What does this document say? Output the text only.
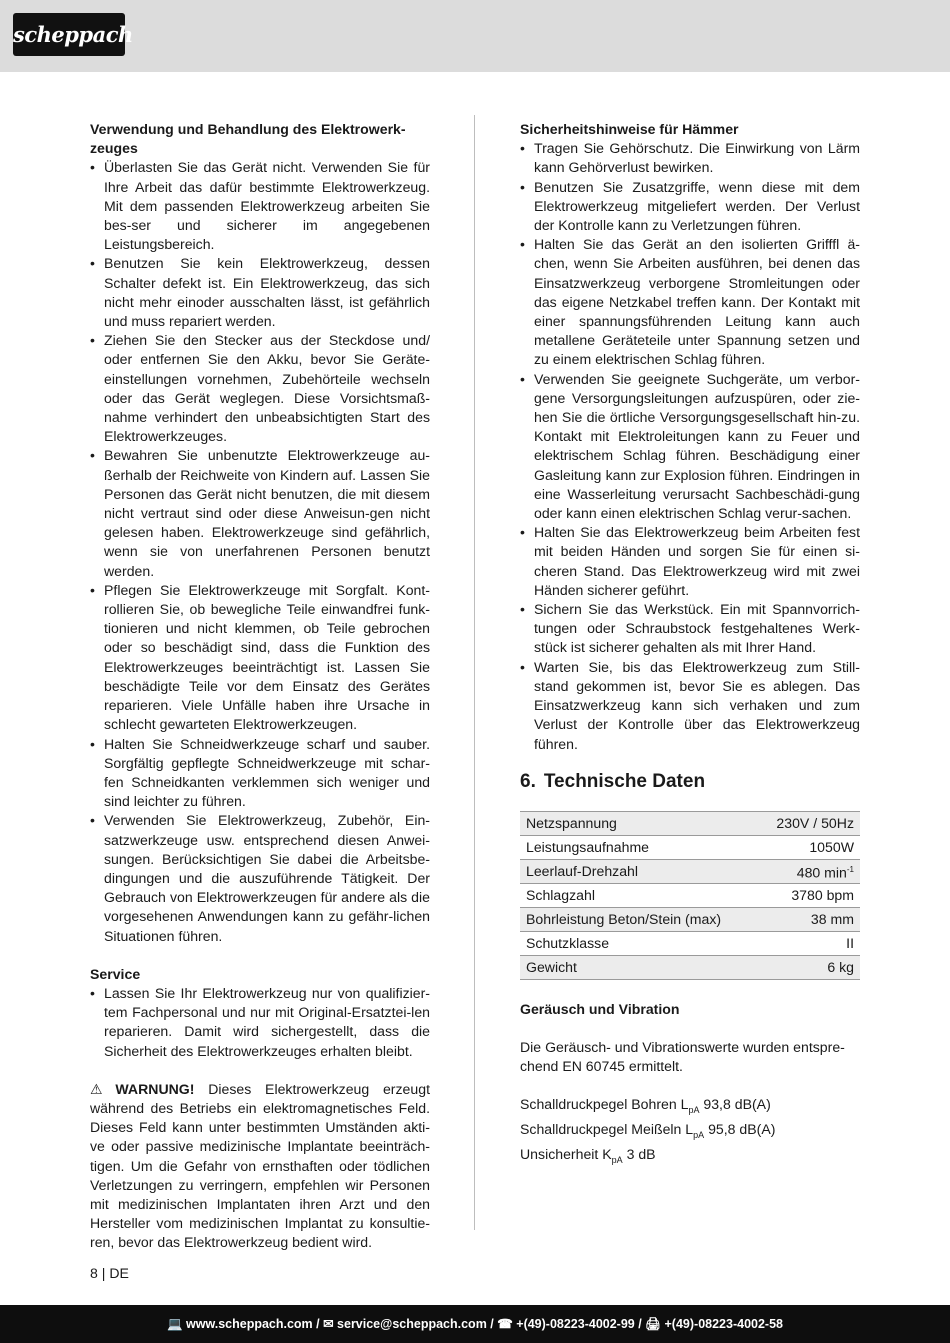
scheppach
Verwendung und Behandlung des Elektrowerk-zeuges
• Überlasten Sie das Gerät nicht. Verwenden Sie für Ihre Arbeit das dafür bestimmte Elektrowerkzeug. Mit dem passenden Elektrowerkzeug arbeiten Sie bes-ser und sicherer im angegebenen Leistungsbereich.
• Benutzen Sie kein Elektrowerkzeug, dessen Schalter defekt ist. Ein Elektrowerkzeug, das sich nicht mehr einoder ausschalten lässt, ist gefährlich und muss repariert werden.
• Ziehen Sie den Stecker aus der Steckdose und/ oder entfernen Sie den Akku, bevor Sie Geräte-einstellungen vornehmen, Zubehörteile wechseln oder das Gerät weglegen. Diese Vorsichtsmaß-nahme verhindert den unbeabsichtigten Start des Elektrowerkzeuges.
• Bewahren Sie unbenutzte Elektrowerkzeuge au-ßerhalb der Reichweite von Kindern auf. Lassen Sie Personen das Gerät nicht benutzen, die mit diesem nicht vertraut sind oder diese Anweisun-gen nicht gelesen haben. Elektrowerkzeuge sind gefährlich, wenn sie von unerfahrenen Personen benutzt werden.
• Pflegen Sie Elektrowerkzeuge mit Sorgfalt. Kont-rollieren Sie, ob bewegliche Teile einwandfrei funk-tionieren und nicht klemmen, ob Teile gebrochen oder so beschädigt sind, dass die Funktion des Elektrowerkzeuges beeinträchtigt ist. Lassen Sie beschädigte Teile vor dem Einsatz des Gerätes reparieren. Viele Unfälle haben ihre Ursache in schlecht gewarteten Elektrowerkzeugen.
• Halten Sie Schneidwerkzeuge scharf und sauber. Sorgfältig gepflegte Schneidwerkzeuge mit schar-fen Schneidkanten verklemmen sich weniger und sind leichter zu führen.
• Verwenden Sie Elektrowerkzeug, Zubehör, Ein-satzwerkzeuge usw. entsprechend diesen Anwei-sungen. Berücksichtigen Sie dabei die Arbeitsbe-dingungen und die auszuführende Tätigkeit. Der Gebrauch von Elektrowerkzeugen für andere als die vorgesehenen Anwendungen kann zu gefähr-lichen Situationen führen.
Service
• Lassen Sie Ihr Elektrowerkzeug nur von qualifizier-tem Fachpersonal und nur mit Original-Ersatztei-len reparieren. Damit wird sichergestellt, dass die Sicherheit des Elektrowerkzeuges erhalten bleibt.
⚠ WARNUNG! Dieses Elektrowerkzeug erzeugt während des Betriebs ein elektromagnetisches Feld. Dieses Feld kann unter bestimmten Umständen akti-ve oder passive medizinische Implantate beeinträch-tigen. Um die Gefahr von ernsthaften oder tödlichen Verletzungen zu verringern, empfehlen wir Personen mit medizinischen Implantaten ihren Arzt und den Hersteller vom medizinischen Implantat zu konsultie-ren, bevor das Elektrowerkzeug bedient wird.
Sicherheitshinweise für Hämmer
• Tragen Sie Gehörschutz. Die Einwirkung von Lärm kann Gehörverlust bewirken.
• Benutzen Sie Zusatzgriffe, wenn diese mit dem Elektrowerkzeug mitgeliefert werden. Der Verlust der Kontrolle kann zu Verletzungen führen.
• Halten Sie das Gerät an den isolierten Grifffl ä-chen, wenn Sie Arbeiten ausführen, bei denen das Einsatzwerkzeug verborgene Stromleitungen oder das eigene Netzkabel treffen kann. Der Kontakt mit einer spannungsführenden Leitung kann auch metallene Geräteteile unter Spannung setzen und zu einem elektrischen Schlag führen.
• Verwenden Sie geeignete Suchgeräte, um verbor-gene Versorgungsleitungen aufzuspüren, oder zie-hen Sie die örtliche Versorgungsgesellschaft hin-zu. Kontakt mit Elektroleitungen kann zu Feuer und elektrischem Schlag führen. Beschädigung einer Gasleitung kann zur Explosion führen. Eindringen in eine Wasserleitung verursacht Sachbeschädi-gung oder kann einen elektrischen Schlag verur-sachen.
• Halten Sie das Elektrowerkzeug beim Arbeiten fest mit beiden Händen und sorgen Sie für einen si-cheren Stand. Das Elektrowerkzeug wird mit zwei Händen sicherer geführt.
• Sichern Sie das Werkstück. Ein mit Spannvorrich-tungen oder Schraubstock festgehaltenes Werk-stück ist sicherer gehalten als mit Ihrer Hand.
• Warten Sie, bis das Elektrowerkzeug zum Still-stand gekommen ist, bevor Sie es ablegen. Das Einsatzwerkzeug kann sich verhaken und zum Verlust der Kontrolle über das Elektrowerkzeug führen.
6. Technische Daten
Netzspannung	230V / 50Hz
Leistungsaufnahme	1050W
Leerlauf-Drehzahl	480 $\min^{-1}$
Schlagzahl	3780 bpm
Bohrleistung Beton/Stein (max)	38 mm
Schutzklasse	II
Gewicht	6 kg
Geräusch und Vibration
Die Geräusch- und Vibrationswerte wurden entspre-chend EN 60745 ermittelt.
Schalldruckpegel Bohren $L_{pA}$ 93,8 dB(A)
Schalldruckpegel Meißeln $L_{pA}$ 95,8 dB(A)
Unsicherheit $K_{pA}$ 3 dB
8 | DE
💻 www.scheppach.com / ✉ service@scheppach.com / ☎ +(49)-08223-4002-99 / 🖨 +(49)-08223-4002-58
